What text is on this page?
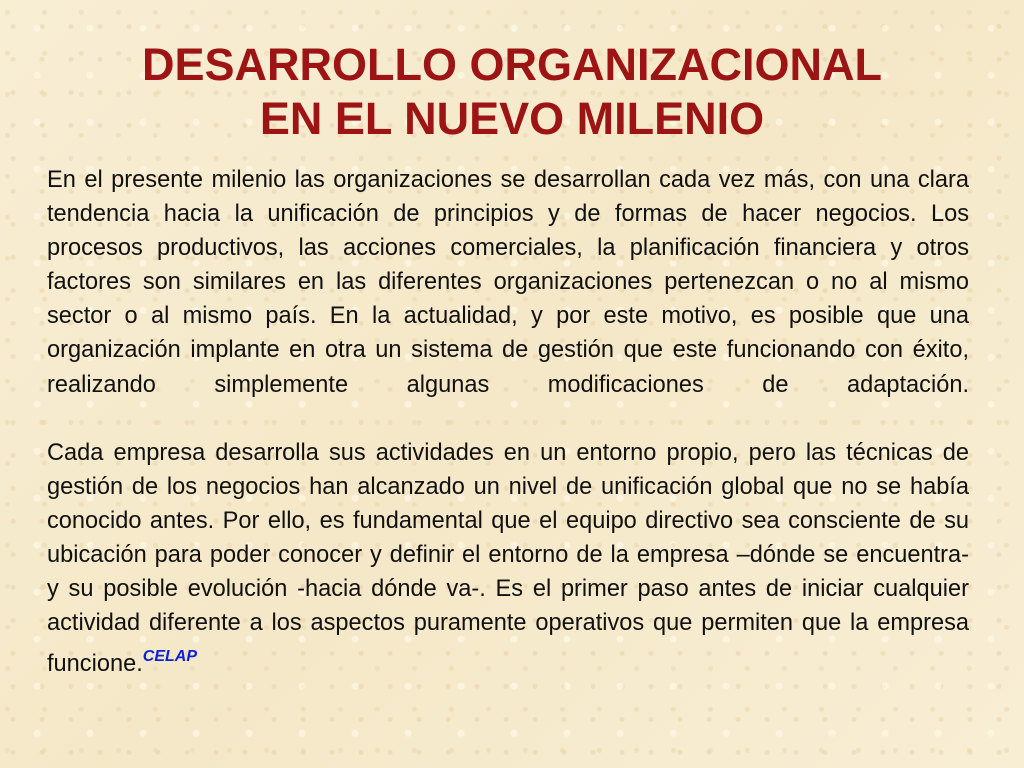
DESARROLLO ORGANIZACIONAL
EN EL NUEVO MILENIO

En el presente milenio las organizaciones se desarrollan cada vez más, con una clara tendencia hacia la unificación de principios y de formas de hacer negocios. Los procesos productivos, las acciones comerciales, la planificación financiera y otros factores son similares en las diferentes organizaciones pertenezcan o no al mismo sector o al mismo país. En la actualidad, y por este motivo, es posible que una organización implante en otra un sistema de gestión que este funcionando con éxito, realizando simplemente algunas modificaciones de adaptación.

Cada empresa desarrolla sus actividades en un entorno propio, pero las técnicas de gestión de los negocios han alcanzado un nivel de unificación global que no se había conocido antes. Por ello, es fundamental que el equipo directivo sea consciente de su ubicación para poder conocer y definir el entorno de la empresa –dónde se encuentra- y su posible evolución -hacia dónde va-. Es el primer paso antes de iniciar cualquier actividad diferente a los aspectos puramente operativos que permiten que la empresa funcione.$^{CELAP}$
